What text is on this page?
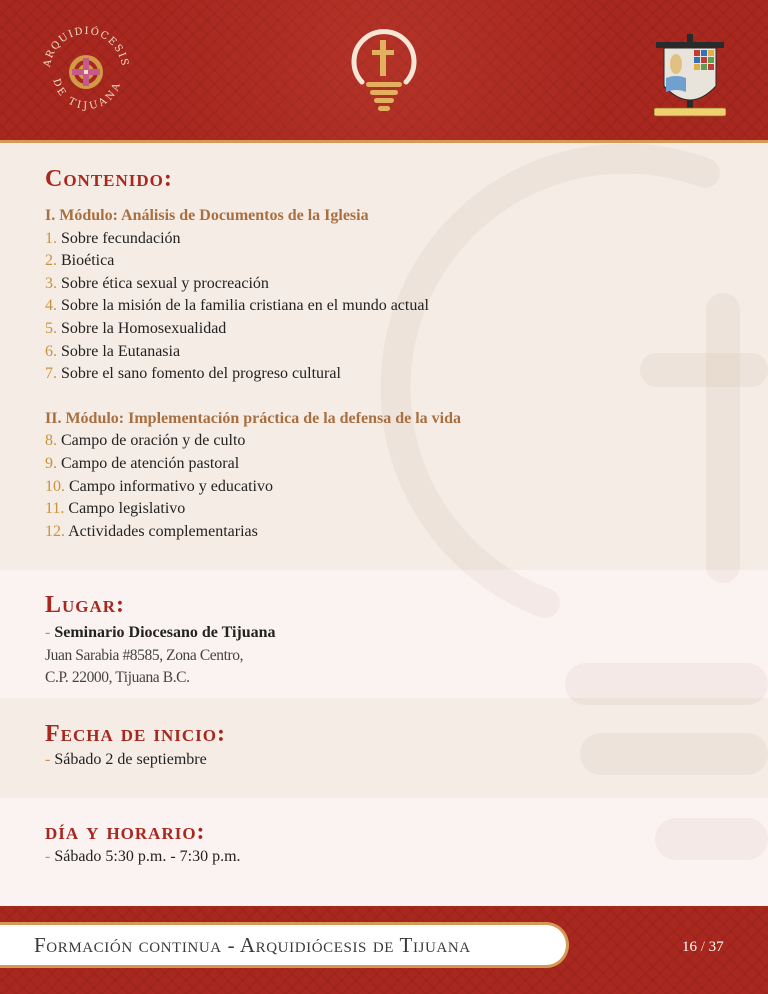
ARQUIDIÓCESIS
DE TIJUANA
Contenido:
I. Módulo: Análisis de Documentos de la Iglesia
1. Sobre fecundación
2. Bioética
3. Sobre ética sexual y procreación
4. Sobre la misión de la familia cristiana en el mundo actual
5. Sobre la Homosexualidad
6. Sobre la Eutanasia
7. Sobre el sano fomento del progreso cultural
II. Módulo: Implementación práctica de la defensa de la vida
8. Campo de oración y de culto
9. Campo de atención pastoral
10. Campo informativo y educativo
11. Campo legislativo
12. Actividades complementarias
Lugar:
- Seminario Diocesano de Tijuana
Juan Sarabia #8585, Zona Centro,
C.P. 22000, Tijuana B.C.
Fecha de inicio:
- Sábado 2 de septiembre
día y horario:
- Sábado 5:30 p.m. - 7:30 p.m.
Formación continua - Arquidiócesis de Tijuana	16 / 37
